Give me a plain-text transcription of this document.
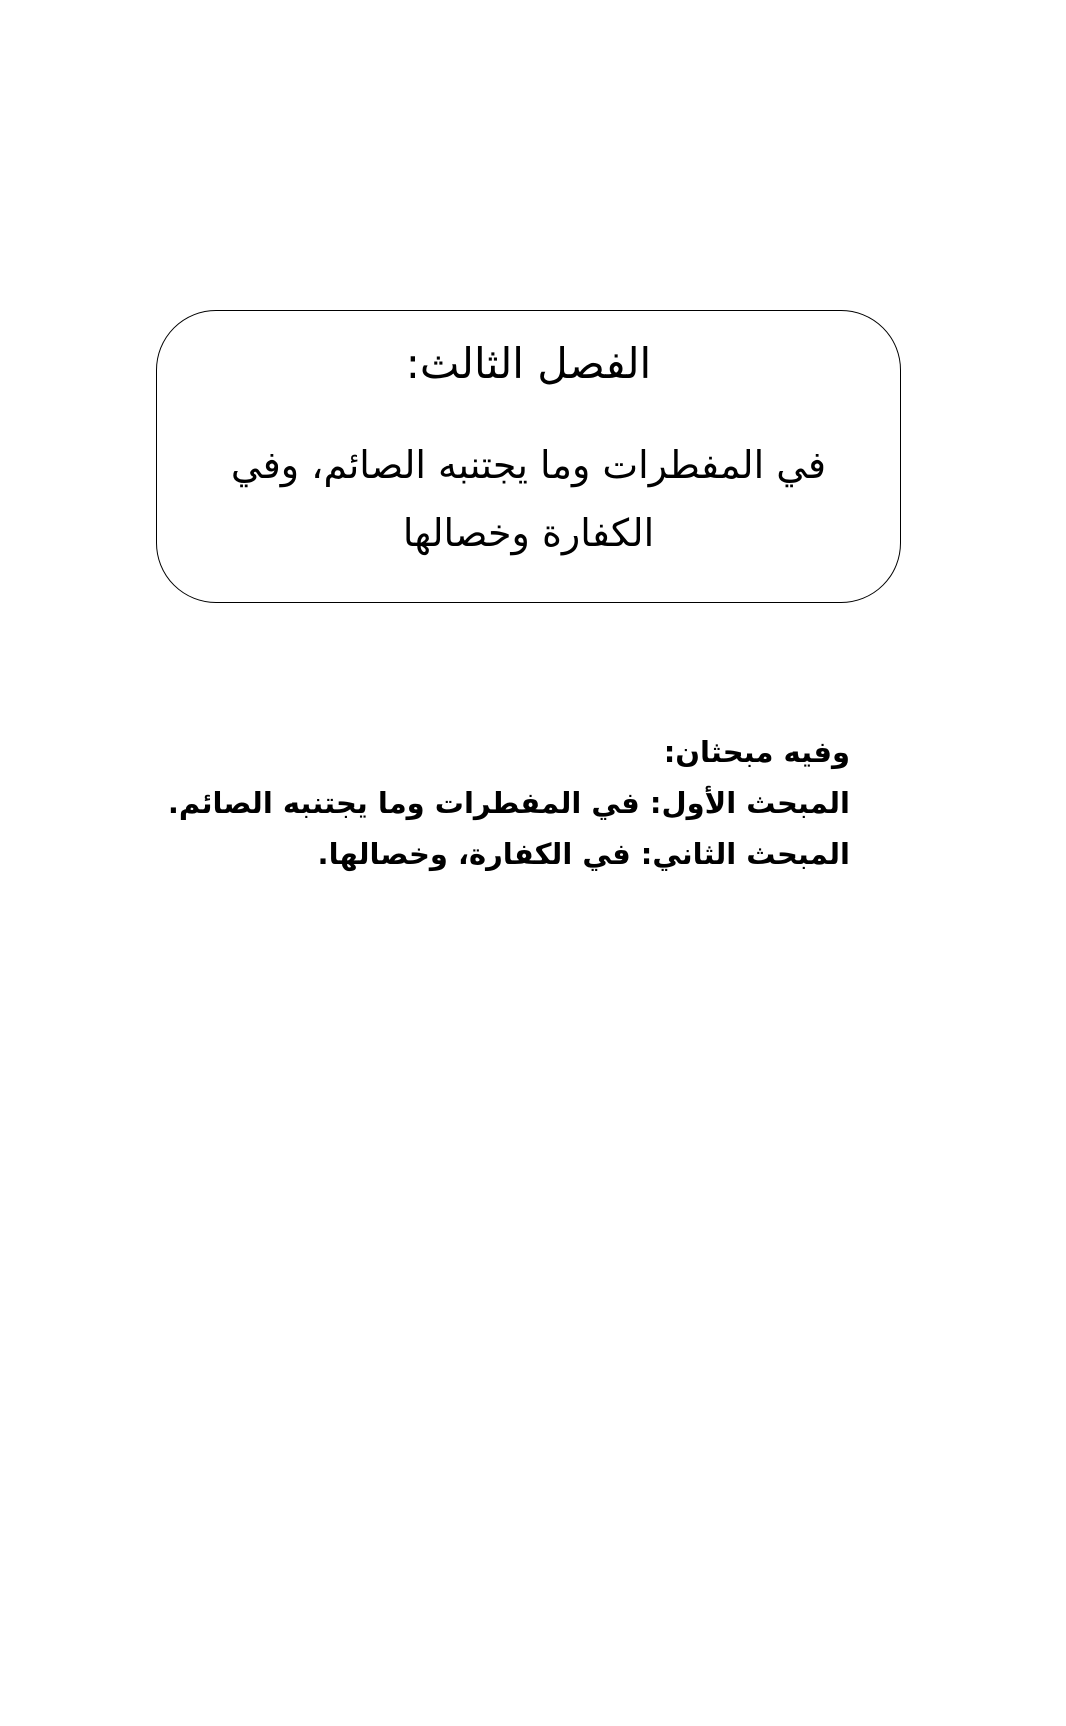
الفصل الثالث:

في المفطرات وما يجتنبه الصائم، وفي الكفارة وخصالها

وفيه مبحثان:
المبحث الأول: في المفطرات وما يجتنبه الصائم.
المبحث الثاني: في الكفارة، وخصالها.
